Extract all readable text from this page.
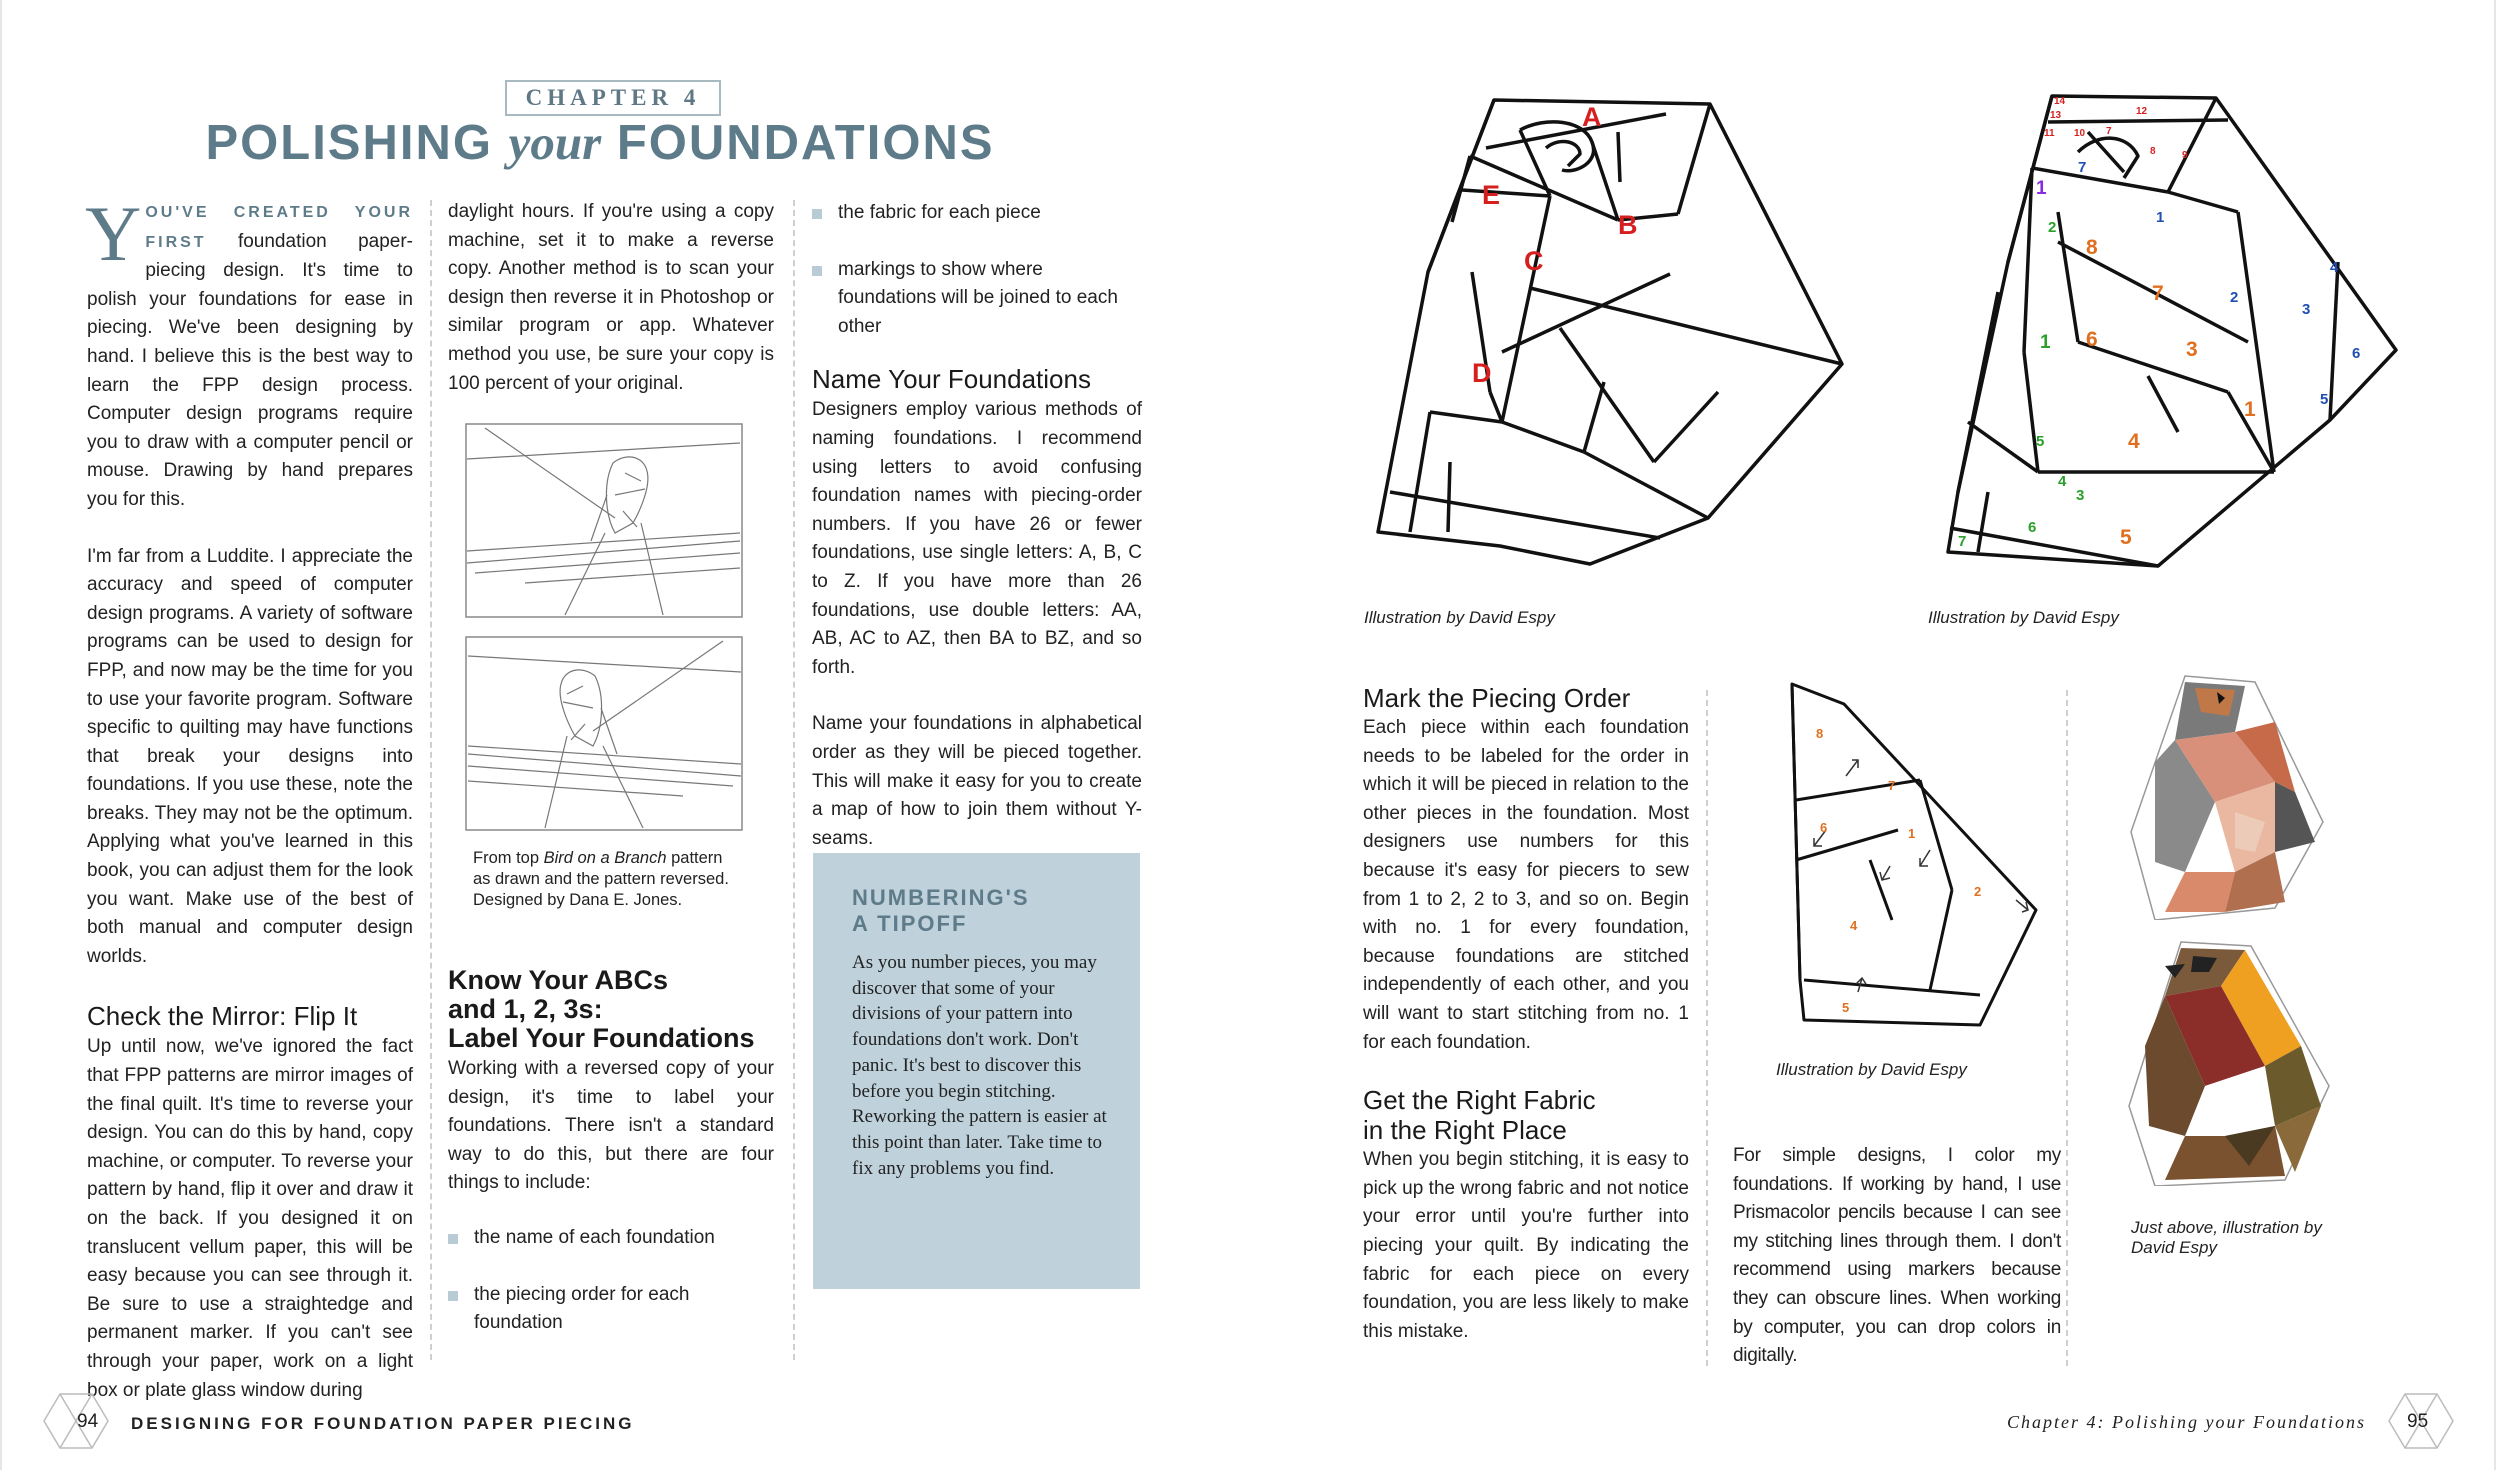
CHAPTER 4
POLISHING your FOUNDATIONS

Y OU'VE CREATED YOUR FIRST foundation paper-piecing design. It's time to polish your foundations for ease in piecing. We've been designing by hand. I believe this is the best way to learn the FPP design process. Computer design programs require you to draw with a computer pencil or mouse. Drawing by hand prepares you for this.

I'm far from a Luddite. I appreciate the accuracy and speed of computer design programs. A variety of software programs can be used to design for FPP, and now may be the time for you to use your favorite program. Software specific to quilting may have functions that break your designs into foundations. If you use these, note the breaks. They may not be the optimum. Applying what you've learned in this book, you can adjust them for the look you want. Make use of the best of both manual and computer design worlds.

Check the Mirror: Flip It

Up until now, we've ignored the fact that FPP patterns are mirror images of the final quilt. It's time to reverse your design. You can do this by hand, copy machine, or computer. To reverse your pattern by hand, flip it over and draw it on the back. If you designed it on translucent vellum paper, this will be easy because you can see through it. Be sure to use a straightedge and permanent marker. If you can't see through your paper, work on a light box or plate glass window during

daylight hours. If you're using a copy machine, set it to make a reverse copy. Another method is to scan your design then reverse it in Photoshop or similar program or app. Whatever method you use, be sure your copy is 100 percent of your original.

From top Bird on a Branch pattern as drawn and the pattern reversed. Designed by Dana E. Jones.
Know Your ABCs
and 1, 2, 3s:
Label Your Foundations

Working with a reversed copy of your design, it's time to label your foundations. There isn't a standard way to do this, but there are four things to include:

the name of each foundation
the piecing order for each foundation
the fabric for each piece
markings to show where foundations will be joined to each other
Name Your Foundations

Designers employ various methods of naming foundations. I recommend using letters to avoid confusing foundation names with piecing-order numbers. If you have 26 or fewer foundations, use single letters: A, B, C to Z. If you have more than 26 foundations, use double letters: AA, AB, AC to AZ, then BA to BZ, and so forth.

Name your foundations in alphabetical order as they will be pieced together. This will make it easy for you to create a map of how to join them without Y-seams.

NUMBERING'S
A TIPOFF

As you number pieces, you may discover that some of your divisions of your pattern into foundations don't work. Don't panic. It's best to discover this before you begin stitching. Reworking the pattern is easier at this point than later. Take time to fix any problems you find.

94 DESIGNING FOR FOUNDATION PAPER PIECING
A
B
C
D
E
8
7
6	3
1
4
5
1
2
3
4
5
6
7
1
2
3
4
5
6
7
12
14
13
11 10
9
8
7
1
Illustration by David Espy	Illustration by David Espy
Mark the Piecing Order

Each piece within each foundation needs to be labeled for the order in which it will be pieced in relation to the other pieces in the foundation. Most designers use numbers for this because it's easy for piecers to sew from 1 to 2, 2 to 3, and so on. Begin with no. 1 for every foundation, because foundations are stitched independently of each other, and you will want to start stitching from no. 1 for each foundation.

Get the Right Fabric
in the Right Place

When you begin stitching, it is easy to pick up the wrong fabric and not notice your error until you're further into piecing your quilt. By indicating the fabric for each piece on every foundation, you are less likely to make this mistake.

8
7
6	1
2
4
5
Illustration by David Espy
Just above, illustration by
David Espy

For simple designs, I color my foundations. If working by hand, I use Prismacolor pencils because I can see my stitching lines through them. I don't recommend using markers because they can obscure lines. When working by computer, you can drop colors in digitally.

Chapter 4: Polishing your Foundations 95
